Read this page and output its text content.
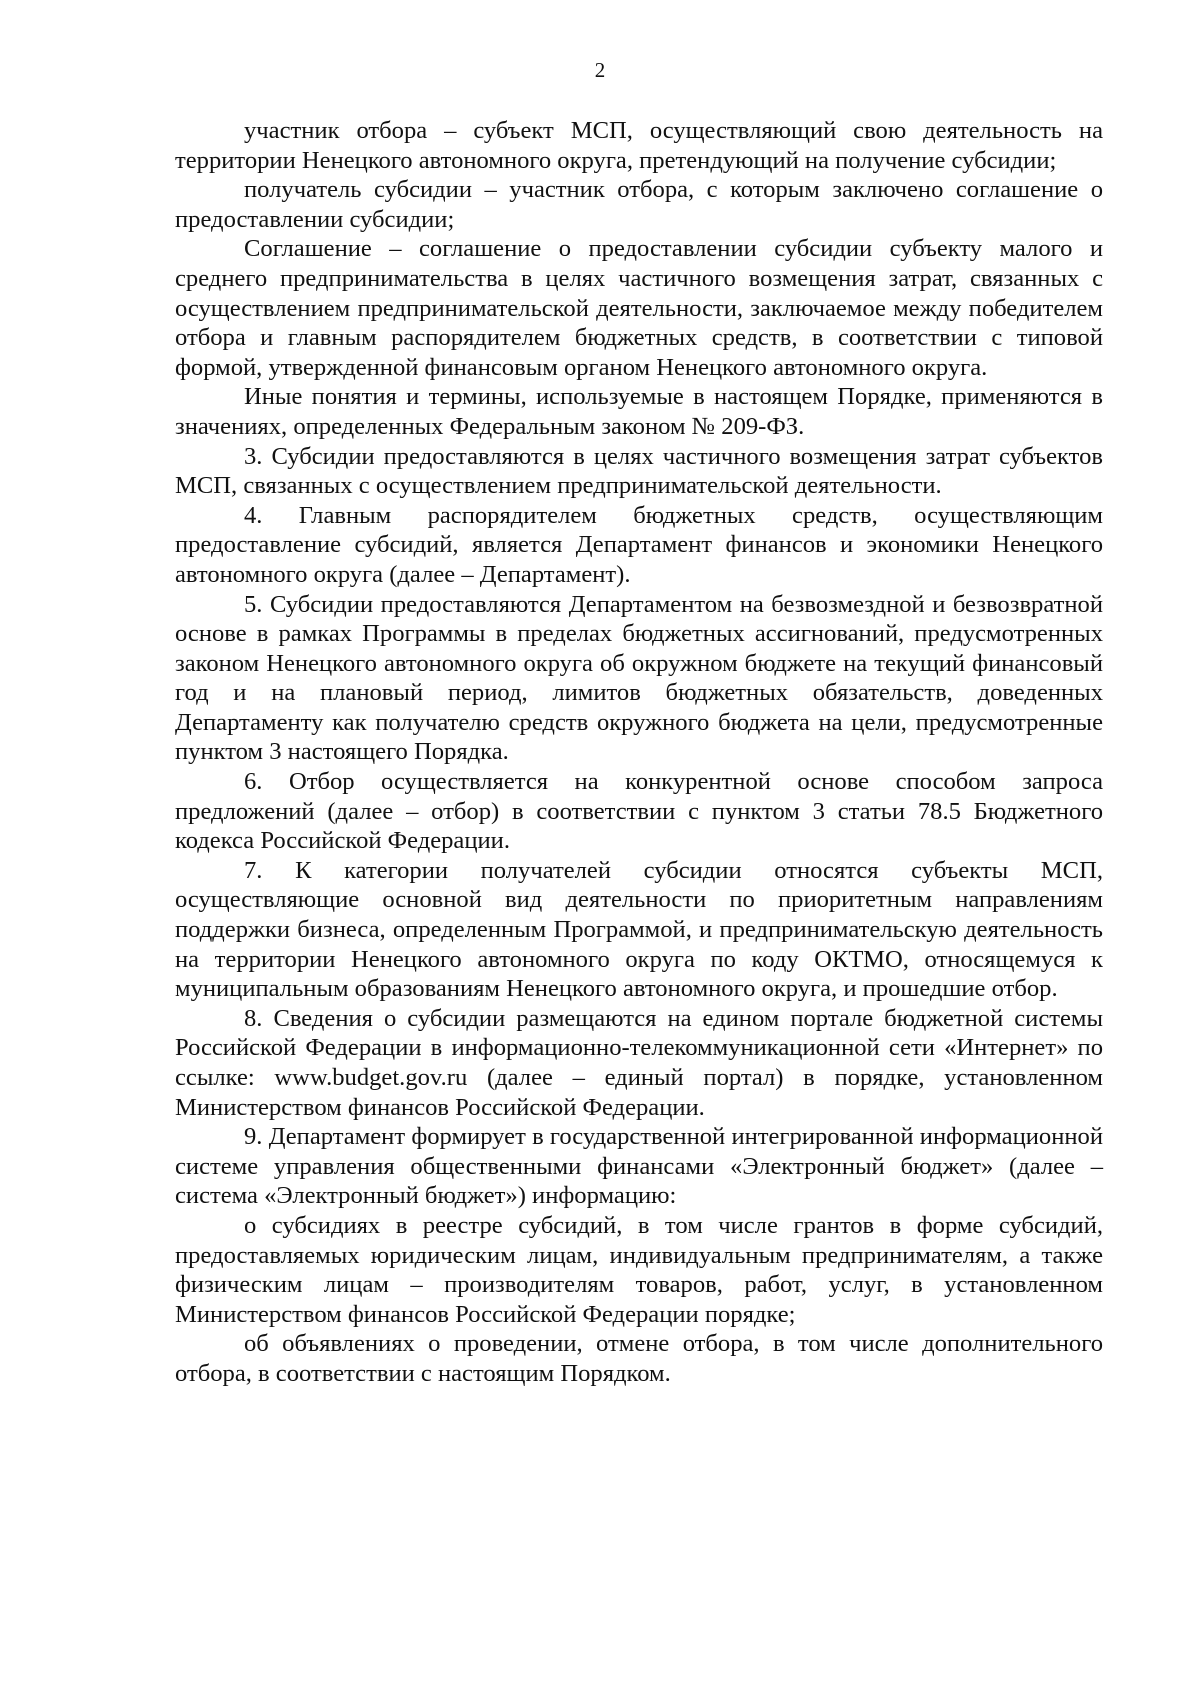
2

участник отбора – субъект МСП, осуществляющий свою деятельность на территории Ненецкого автономного округа, претендующий на получение субсидии;

получатель субсидии – участник отбора, с которым заключено соглашение о предоставлении субсидии;

Соглашение – соглашение о предоставлении субсидии субъекту малого и среднего предпринимательства в целях частичного возмещения затрат, связанных с осуществлением предпринимательской деятельности, заключаемое между победителем отбора и главным распорядителем бюджетных средств, в соответствии с типовой формой, утвержденной финансовым органом Ненецкого автономного округа.

Иные понятия и термины, используемые в настоящем Порядке, применяются в значениях, определенных Федеральным законом № 209-ФЗ.

3. Субсидии предоставляются в целях частичного возмещения затрат субъектов МСП, связанных с осуществлением предпринимательской деятельности.

4. Главным распорядителем бюджетных средств, осуществляющим предоставление субсидий, является Департамент финансов и экономики Ненецкого автономного округа (далее – Департамент).

5. Субсидии предоставляются Департаментом на безвозмездной и безвозвратной основе в рамках Программы в пределах бюджетных ассигнований, предусмотренных законом Ненецкого автономного округа об окружном бюджете на текущий финансовый год и на плановый период, лимитов бюджетных обязательств, доведенных Департаменту как получателю средств окружного бюджета на цели, предусмотренные пунктом 3 настоящего Порядка.

6. Отбор осуществляется на конкурентной основе способом запроса предложений (далее – отбор) в соответствии с пунктом 3 статьи 78.5 Бюджетного кодекса Российской Федерации.

7. К категории получателей субсидии относятся субъекты МСП, осуществляющие основной вид деятельности по приоритетным направлениям поддержки бизнеса, определенным Программой, и предпринимательскую деятельность на территории Ненецкого автономного округа по коду ОКТМО, относящемуся к муниципальным образованиям Ненецкого автономного округа, и прошедшие отбор.

8. Сведения о субсидии размещаются на едином портале бюджетной системы Российской Федерации в информационно-телекоммуникационной сети «Интернет» по ссылке: www.budget.gov.ru (далее – единый портал) в порядке, установленном Министерством финансов Российской Федерации.

9. Департамент формирует в государственной интегрированной информационной системе управления общественными финансами «Электронный бюджет» (далее – система «Электронный бюджет») информацию:

о субсидиях в реестре субсидий, в том числе грантов в форме субсидий, предоставляемых юридическим лицам, индивидуальным предпринимателям, а также физическим лицам – производителям товаров, работ, услуг, в установленном Министерством финансов Российской Федерации порядке;

об объявлениях о проведении, отмене отбора, в том числе дополнительного отбора, в соответствии с настоящим Порядком.
